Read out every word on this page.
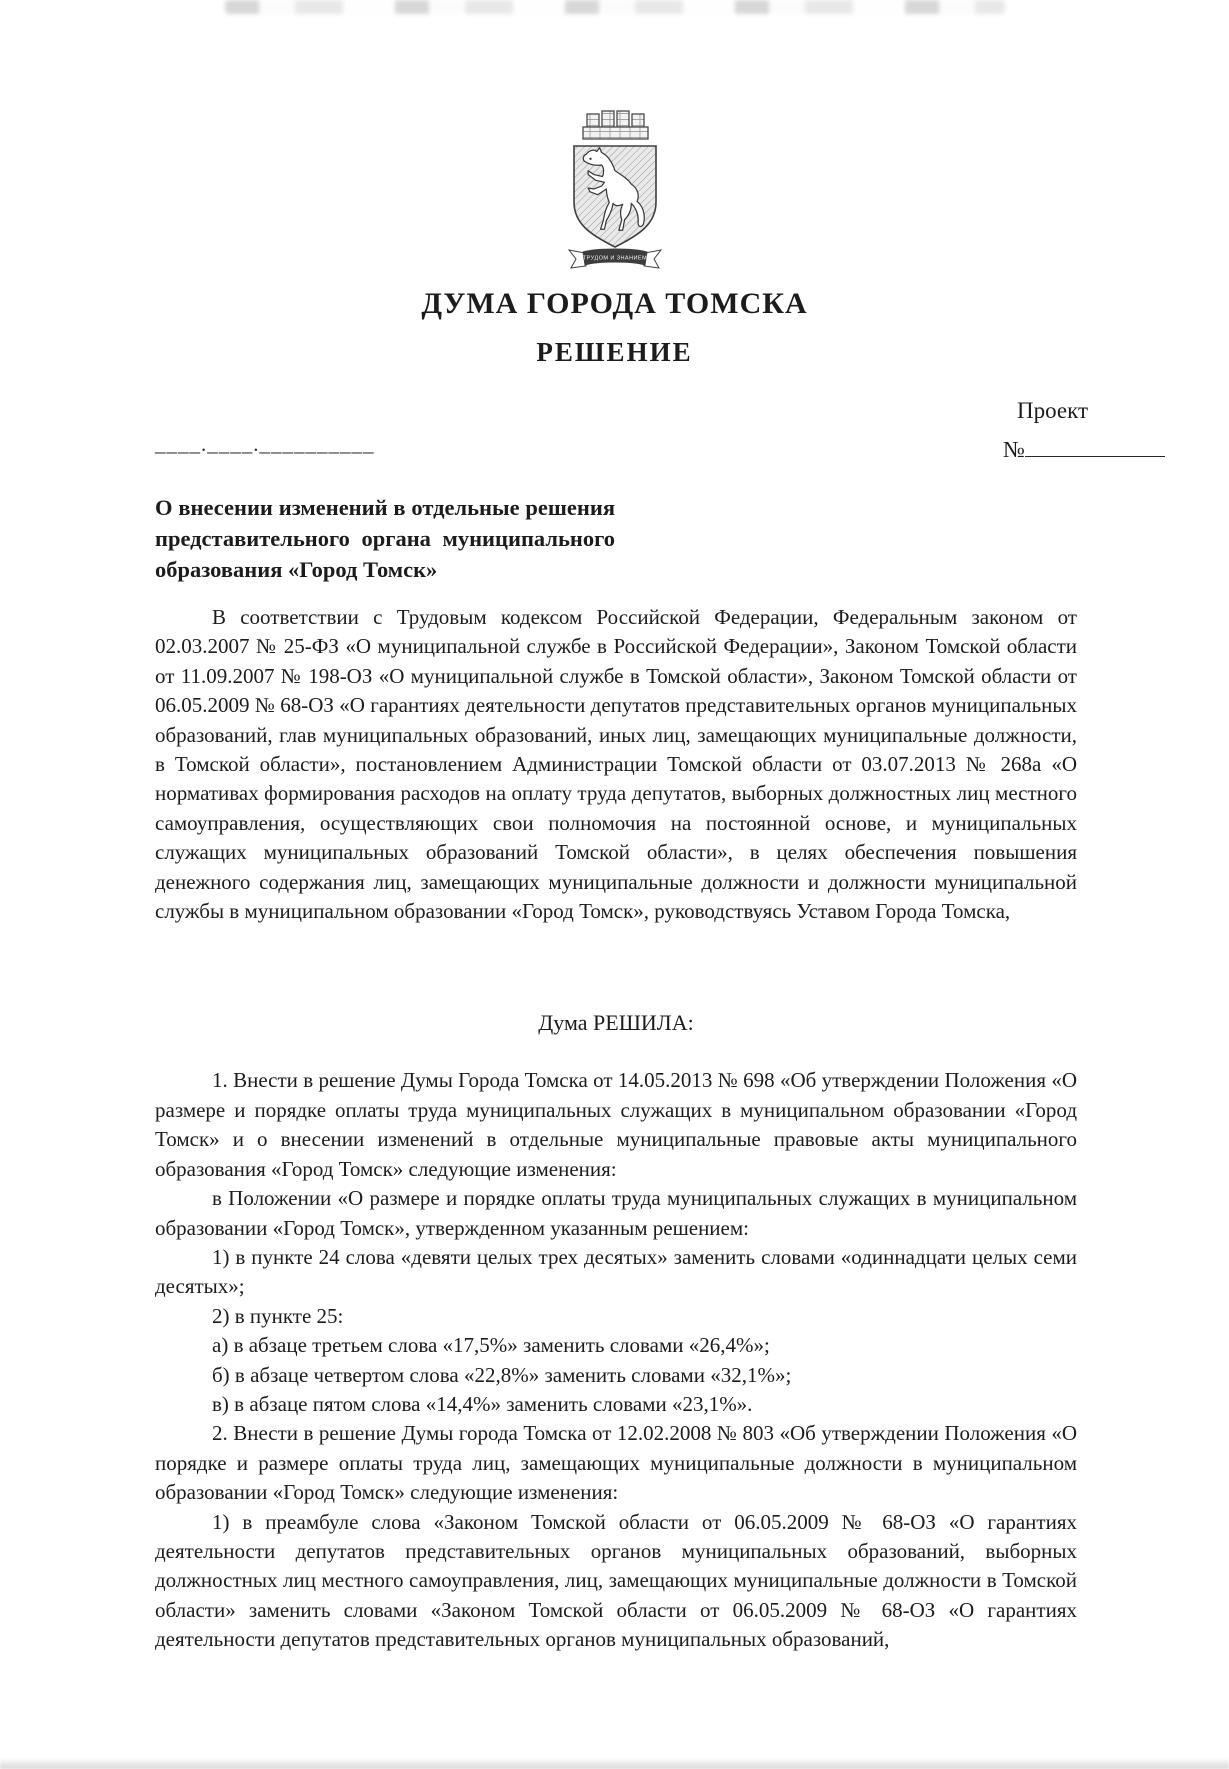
ТРУДОМ И ЗНАНИЕМ
ДУМА ГОРОДА ТОМСКА
РЕШЕНИЕ
____.____.__________
Проект
№
О внесении изменений в отдельные решения представительного органа муниципального образования «Город Томск»

В соответствии с Трудовым кодексом Российской Федерации, Федеральным законом от 02.03.2007 № 25-ФЗ «О муниципальной службе в Российской Федерации», Законом Томской области от 11.09.2007 № 198-ОЗ «О муниципальной службе в Томской области», Законом Томской области от 06.05.2009 № 68-ОЗ «О гарантиях деятельности депутатов представительных органов муниципальных образований, глав муниципальных образований, иных лиц, замещающих муниципальные должности, в Томской области», постановлением Администрации Томской области от 03.07.2013 № 268а «О нормативах формирования расходов на оплату труда депутатов, выборных должностных лиц местного самоуправления, осуществляющих свои полномочия на постоянной основе, и муниципальных служащих муниципальных образований Томской области», в целях обеспечения повышения денежного содержания лиц, замещающих муниципальные должности и должности муниципальной службы в муниципальном образовании «Город Томск», руководствуясь Уставом Города Томска,

Дума РЕШИЛА:

1. Внести в решение Думы Города Томска от 14.05.2013 № 698 «Об утверждении Положения «О размере и порядке оплаты труда муниципальных служащих в муниципальном образовании «Город Томск» и о внесении изменений в отдельные муниципальные правовые акты муниципального образования «Город Томск» следующие изменения:

в Положении «О размере и порядке оплаты труда муниципальных служащих в муниципальном образовании «Город Томск», утвержденном указанным решением:

1) в пункте 24 слова «девяти целых трех десятых» заменить словами «одиннадцати целых семи десятых»;

2) в пункте 25:

а) в абзаце третьем слова «17,5%» заменить словами «26,4%»;

б) в абзаце четвертом слова «22,8%» заменить словами «32,1%»;

в) в абзаце пятом слова «14,4%» заменить словами «23,1%».

2. Внести в решение Думы города Томска от 12.02.2008 № 803 «Об утверждении Положения «О порядке и размере оплаты труда лиц, замещающих муниципальные должности в муниципальном образовании «Город Томск» следующие изменения:

1) в преамбуле слова «Законом Томской области от 06.05.2009 № 68-ОЗ «О гарантиях деятельности депутатов представительных органов муниципальных образований, выборных должностных лиц местного самоуправления, лиц, замещающих муниципальные должности в Томской области» заменить словами «Законом Томской области от 06.05.2009 № 68-ОЗ «О гарантиях деятельности депутатов представительных органов муниципальных образований,
